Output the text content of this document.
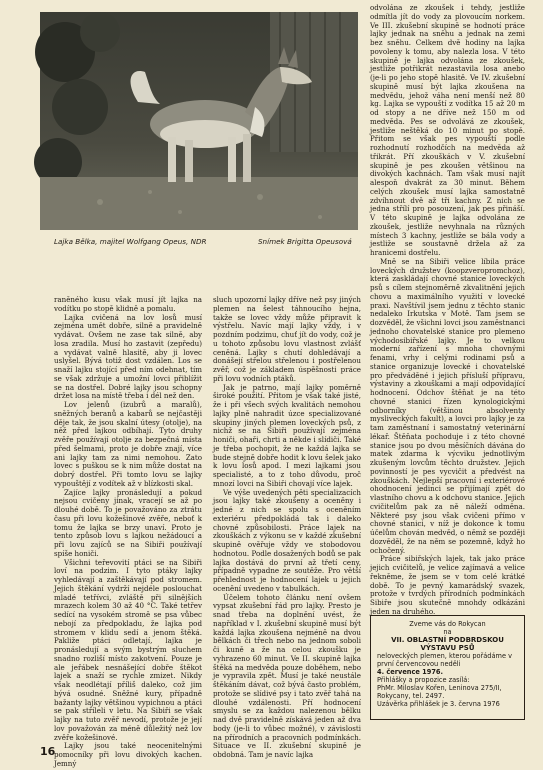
Lajka Bělka, majitel Wolfgang Opeus, NDR	Snímek Brigitta Opeusová

raněného kusu však musí jít lajka na vodítku po stopě klidně a pomalu.

Lajka cvičená na lov losů musí zejména umět dobře, silně a pravidelně vydávat. Ovšem ne zase tak silně, aby losa zradila. Musí ho zastavit (zepředu) a vydávat valně hlasitě, aby ji lovec uslyšel. Bývá totiž dost vzdálen. Los se snaží lajku stojící před ním odehnat, tím se však zdržuje a umožní lovci přiblížit se na dostřel. Dobré lajky jsou schopny držet losa na místě třeba i dél než den.

Lov jelenů (izubrů a maralů), sněžných beranů a kabarů se nejčastěji děje tak, že jsou skalní útesy (otolje), na něž před lajkou odbíhají. Tyto druhy zvěře používají otolje za bezpečná místa před šelmami, proto je dobře znají, více ani lajky tam za nimi nemohou. Zato lovec s puškou se k nim může dostat na dobrý dostřel. Při tomto lovu se lajky vypouštějí z vodítek až v blízkosti skal.

Zajíce lajky pronásledují a pokud nejsou cvičeny jinak, vracejí se až po dlouhé době. To je považováno za ztrátu času při lovu kožešinové zvěře, neboť k tomu že lajka se brzy unaví. Proto je tento způsob lovu s lajkou nežádoucí a při lovu zajíců se na Sibiři používají spíše honiči.

Všichni teřevovití ptáci se na Sibiři loví na podzim. I tyto ptáky lajky vyhledávají a zaštěkávají pod stromem. Jejich štěkání vydrží nejdéle poslouchat mladé tetřívci, zvláště při silnějších mrazech kolem 30 až 40 °C. Také tetřev sedící na vysokém stromě se psa vůbec nebojí za předpokladu, že lajka pod stromem v klidu sedí a jenom štěká. Pakliže ptáci odletají, lajka je pronásledují a svým bystrým sluchem snadno rozliší místo zakotvení. Pouze je ale jeřábek nesnášející dobře štěkot lajek a snaží se rychle zmizet. Nikdy však neodlétají příliš daleko, což jim bývá osudné. Sněžné kury, případně bažanty lajky většinou vypichnou a ptáci se pak stříleli v letu. Na Sibiři se však lajky na tuto zvěř nevodí, protože je její lov považován za méně důležitý než lov zvěře kožešinové.

Lajky jsou také neocenitelnými pomocníky při lovu divokých kachen. Jemný

sluch upozorní lajky dříve než psy jiných plemen na šelest táhnoucího hejna, takže se lovec vždy může připravit k výstřelu. Navíc mají lajky vždy, i v pozdním podzimu, chuť jít do vody, což je u tohoto způsobu lovu vlastnost zvlášť ceněná. Lajky s chutí dohledávají a donášejí střelou střelenou i postřelenou zvěř, což je základem úspěšnosti práce při lovu vodních ptáků.

Jak je patrno, mají lajky poměrně široké použití. Přitom je však také jisté, že i při všech svých kvalitách nemohou lajky plně nahradit úzce specializované skupiny jiných plemen loveckých psů, z nichž se na Sibiři používají zejména honiči, ohaři, chrti a někde i slídiči. Také je třeba pochopit, že ne každá lajka se bude stejně dobře hodit k lovu šelek jako k lovu losů apod. I mezi lajkami jsou specialisté, a to z toho důvodu, proč mnozí lovci na Sibiři chovají více lajek.

Ve výše uvedených pěti specializacích jsou lajky také zkoušeny a oceněny i jedné z nich se spolu s oceněním exteriéru předpokládá tak i daleko chovné způsobilosti. Práce lajek na zkouškách z výkonu se v každé zkušební skupině ověřuje vždy ve stobodovou hodnotou. Podle dosažených bodů se pak lajka dostává do první až třetí ceny, případně vypadne ze soutěže. Pro větší přehlednost je hodnocení lajek u jejich ocenění uvedeno v tabulkách.

Účelem tohoto článku není ovšem vypsat zkušební řád pro lajky. Presto je snad třeba na doplnění uvést, že například v I. zkušební skupině musí být každá lajka zkoušena nejméně na dvou bělkách či třech nebo na jednom soboli či kuně a že na celou zkoušku je vyhrazeno 60 minut. Ve II. skupině lajka štěká na medvěda pouze doběhem, nebo je vypravila zpět. Musí je také neustále štěkáním dávat, což bývá často problém, protože se slídivé psy i tato zvěř tahá na dlouhé vzdálenosti. Pří hodnocení smyslu se za každou nalezenou bělku nad dvě pravidelně získává jeden až dva body (je-li to vůbec možné), v závislosti na přírodních a pracovních podmínkách. Situace ve II. zkušební skupině je obdobná. Tam je navíc lajka

odvolána ze zkoušek i tehdy, jestliže odmítla jít do vody za plovoucím norkem. Ve III. zkušební skupině se hodnotí práce lajky jednak na sněhu a jednak na zemi bez sněhu. Celkem dvě hodiny na lajka povoleny k tomu, aby nalezla losa. V této skupině je lajka odvolána ze zkoušek, jestliže potřikrát nezastavila losa anebo (je-li po jeho stopě hlasitě. Ve IV. zkušební skupině musí být lajka zkoušena na medvědu, jehož váha není menší než 80 kg. Lajka se vypouští z vodítka 15 až 20 m od stopy a ne dříve než 150 m od medvěda. Pes se odvolává ze zkoušek, jestliže neštěká do 10 minut po stopě. Přitom se však pes vypouští podle rozhodnutí rozhodčích na medvěda až třikrát. Pří zkouškách v V. zkušební skupině je pes zkoušen většinou na divokých kachnách. Tam však musí najít alespoň dvakrát za 30 minut. Během celých zkoušek musí lajka samostatně zdvíhnout dvě až tři kachny. Z nich se jedna střílí pro posouzení, jak pes přináší. V této skupině je lajka odvolána ze zkoušek, jestliže nevyhnala na různých místech 3 kachny, jestliže se bála vody a jestliže se soustavně držela až za hranicemi dostřelu.

Mně se na Sibiři velice líbila práce loveckých družstev (koopzveropromchoz), která zaskládají chovné stanice loveckých psů s cílem stejnoměrně zkvalitnění jejich chovu a maximálního využití v lovecké praxi. Navštívil jsem jednu z těchto stanic nedaleko Irkutska v Motě. Tam jsem se dozvěděl, že všichni lovci jsou zaměstnanci jednoho chovatelské stanice pro plemeno východosibiřské lajky. Je to velkou moderní zařízení s mnoha chovnými fenami, vrhy i celými rodinami psů a stanice organizuje lovecké i chovatelské pro předváděné i jejich přísluší přípravu, výstaviny a zkouškami a mají odpovídající hodnocení. Odchov štěňat je na této chovné stanici řízen kynologickými odborníky (většinou absolventy mysliveckých fakult), a lovci pro lajky je za tam zaměstnaní i samostatný veterinární lékař. Štěňata pochoduje i z této chovné stanice jsou po dvou měsíčních dávána do matek zdarma k výcviku jednotlivým zkušeným lovcům těchto družstev. Jejich povinností je pes vycvičit a předvést na zkouškách. Nejlepší pracovní i exteriérové ohodnocení jedinci se přijímají zpět do vlastního chovu a k odchovu stanice. Jejich cvičitelům pak za ně náleží odměna. Některé psy jsou však cvičeni přímo v chovné stanici, v níž je dokonce k tomu účelům chován medvěd, o němž se později dozvěděl, že na něm se pozemně, když ho ochočený.

Práce sibiřských lajek, tak jako práce jejich cvičitelů, je velice zajímavá a velice řekněme, že jsem se v tom celé krátké době. To je pevný kamarádský svazek, protože v tvrdých přírodních podmínkách Sibiře jsou skutečně mnohdy odkázáni jeden na druhého.

Zveme vás do Rokycan
na
VII. OBLASTNÍ PODBRDSKOU
VÝSTAVU PSŮ
neloveckých plemen, kterou pořádáme v první červencovou neděli
4. července 1976.
Přihlášky a propozice zasílá:
PhMr. Miloslav Kořen, Leninova 275/II, Rokycany, tel. 2497.
Uzávěrka přihlášek je 3. června 1976
16
